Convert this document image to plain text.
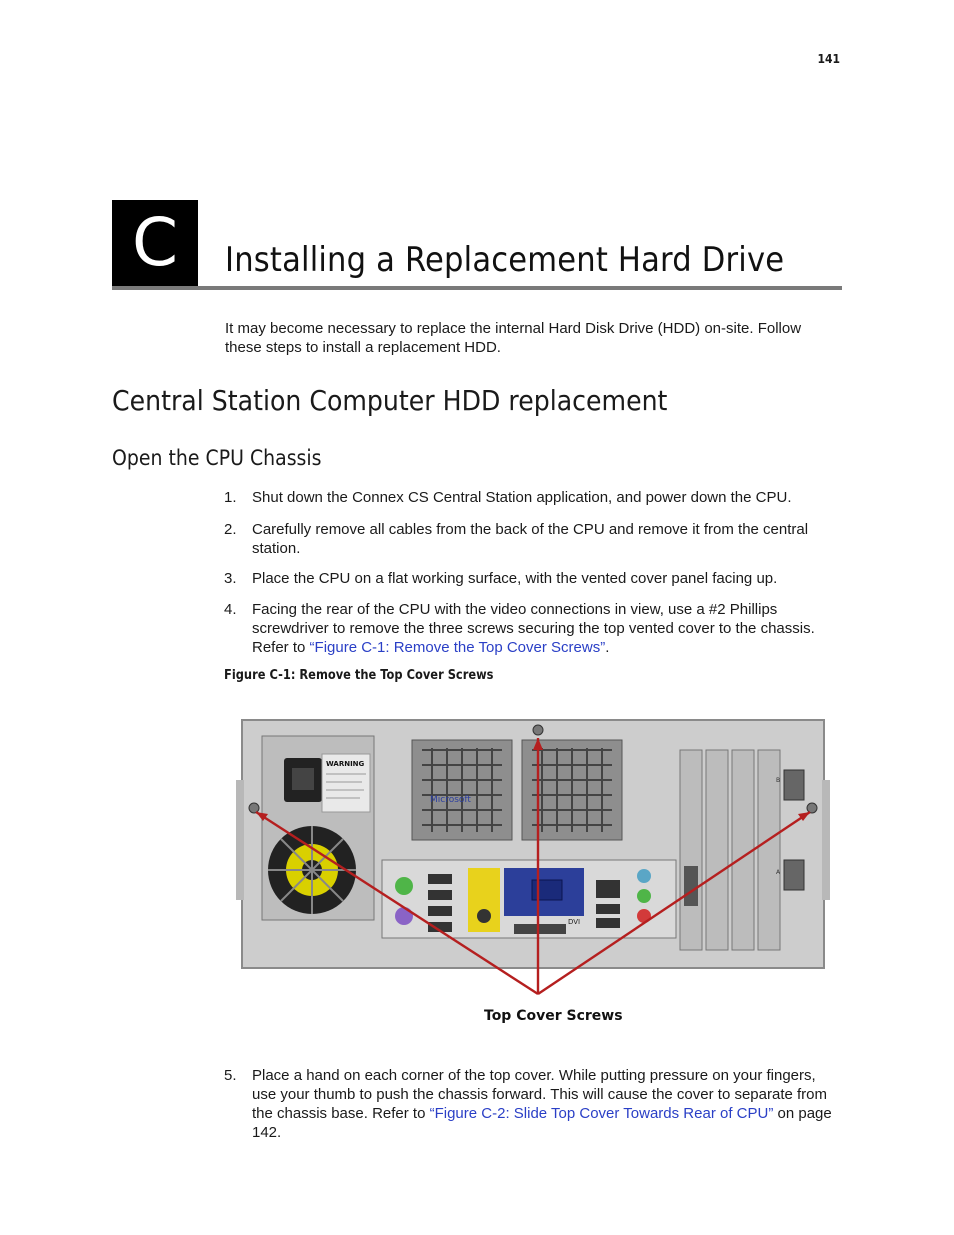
141
C	Installing a Replacement Hard Drive

It may become necessary to replace the internal Hard Disk Drive (HDD) on-site. Follow these steps to install a replacement HDD.

Central Station Computer HDD replacement
Open the CPU Chassis
1. Shut down the Connex CS Central Station application, and power down the CPU.
2. Carefully remove all cables from the back of the CPU and remove it from the central station.
3. Place the CPU on a flat working surface, with the vented cover panel facing up.
4. Facing the rear of the CPU with the video connections in view, use a #2 Phillips screwdriver to remove the three screws securing the top vented cover to the chassis. Refer to “Figure C-1: Remove the Top Cover Screws”.
Figure C-1: Remove the Top Cover Screws
WARNING
Microsoft
B
A
DVI
Top Cover Screws
5. Place a hand on each corner of the top cover. While putting pressure on your fingers, use your thumb to push the chassis forward. This will cause the cover to separate from the chassis base. Refer to “Figure C-2: Slide Top Cover Towards Rear of CPU” on page 142.
